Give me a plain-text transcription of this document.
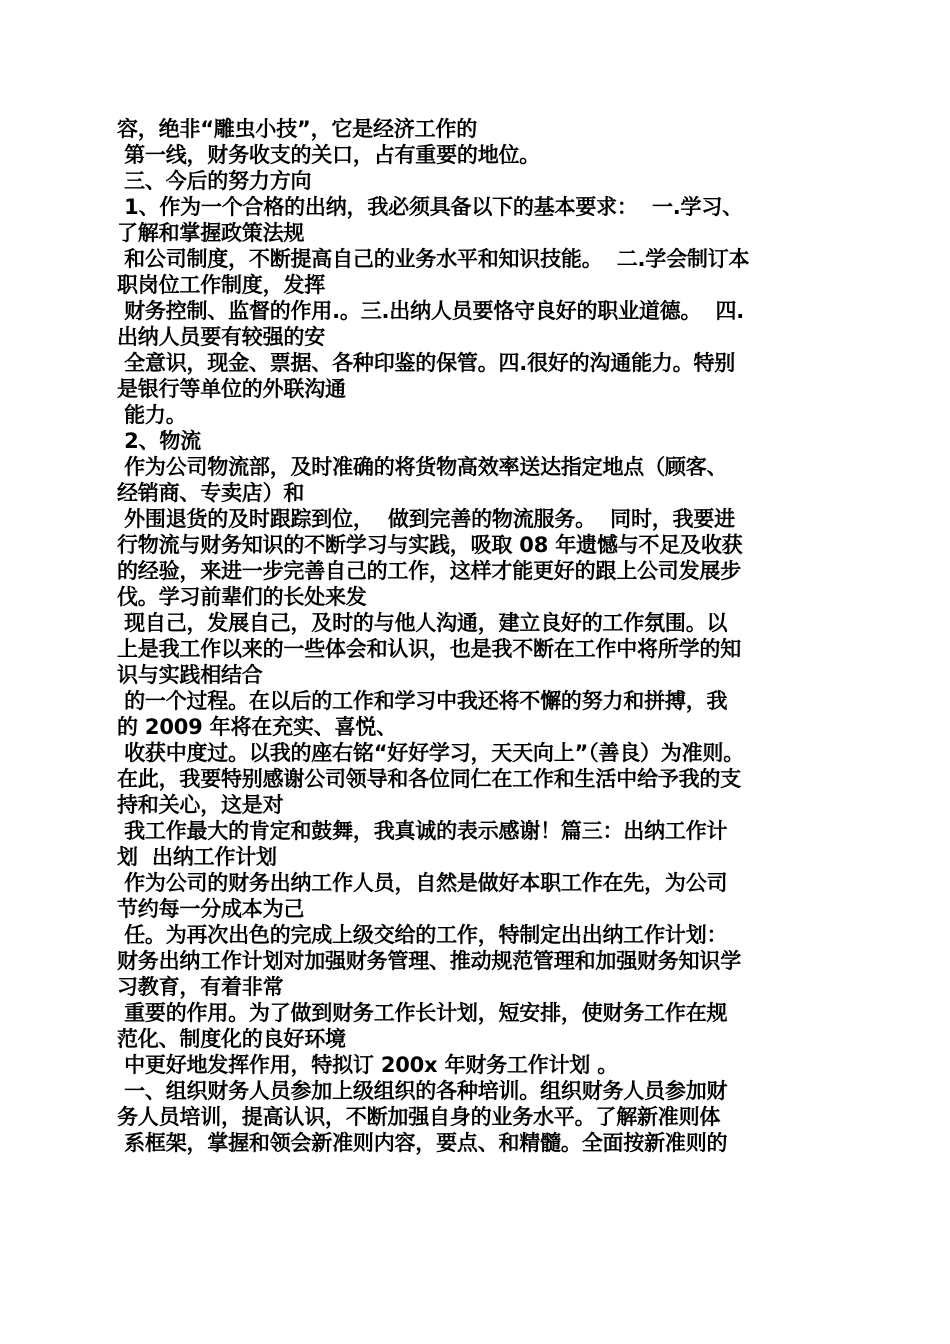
容，绝非“雕虫小技”，它是经济工作的
第一线，财务收支的关口，占有重要的地位。
三、今后的努力方向
1、作为一个合格的出纳，我必须具备以下的基本要求：  一.学习、
了解和掌握政策法规
和公司制度，不断提高自己的业务水平和知识技能。  二.学会制订本
职岗位工作制度，发挥
财务控制、监督的作用.。三.出纳人员要恪守良好的职业道德。  四.
出纳人员要有较强的安
全意识，现金、票据、各种印鉴的保管。四.很好的沟通能力。特别
是银行等单位的外联沟通
能力。
2、物流
作为公司物流部，及时准确的将货物高效率送达指定地点（顾客、
经销商、专卖店）和
外围退货的及时跟踪到位，  做到完善的物流服务。  同时，我要进
行物流与财务知识的不断学习与实践，吸取 08 年遗憾与不足及收获
的经验，来进一步完善自己的工作，这样才能更好的跟上公司发展步
伐。学习前辈们的长处来发
现自己，发展自己，及时的与他人沟通，建立良好的工作氛围。以
上是我工作以来的一些体会和认识，也是我不断在工作中将所学的知
识与实践相结合
的一个过程。在以后的工作和学习中我还将不懈的努力和拼搏，我
的 2009 年将在充实、喜悦、
收获中度过。以我的座右铭“好好学习，天天向上”（善良）为准则。
在此，我要特别感谢公司领导和各位同仁在工作和生活中给予我的支
持和关心，这是对
我工作最大的肯定和鼓舞，我真诚的表示感谢！篇三：出纳工作计
划  出纳工作计划
作为公司的财务出纳工作人员，自然是做好本职工作在先，为公司
节约每一分成本为己
任。为再次出色的完成上级交给的工作，特制定出出纳工作计划：
财务出纳工作计划对加强财务管理、推动规范管理和加强财务知识学
习教育，有着非常
重要的作用。为了做到财务工作长计划，短安排，使财务工作在规
范化、制度化的良好环境
中更好地发挥作用，特拟订 200x 年财务工作计划 。
一、组织财务人员参加上级组织的各种培训。组织财务人员参加财
务人员培训，提高认识，不断加强自身的业务水平。了解新准则体
系框架，掌握和领会新准则内容，要点、和精髓。全面按新准则的
